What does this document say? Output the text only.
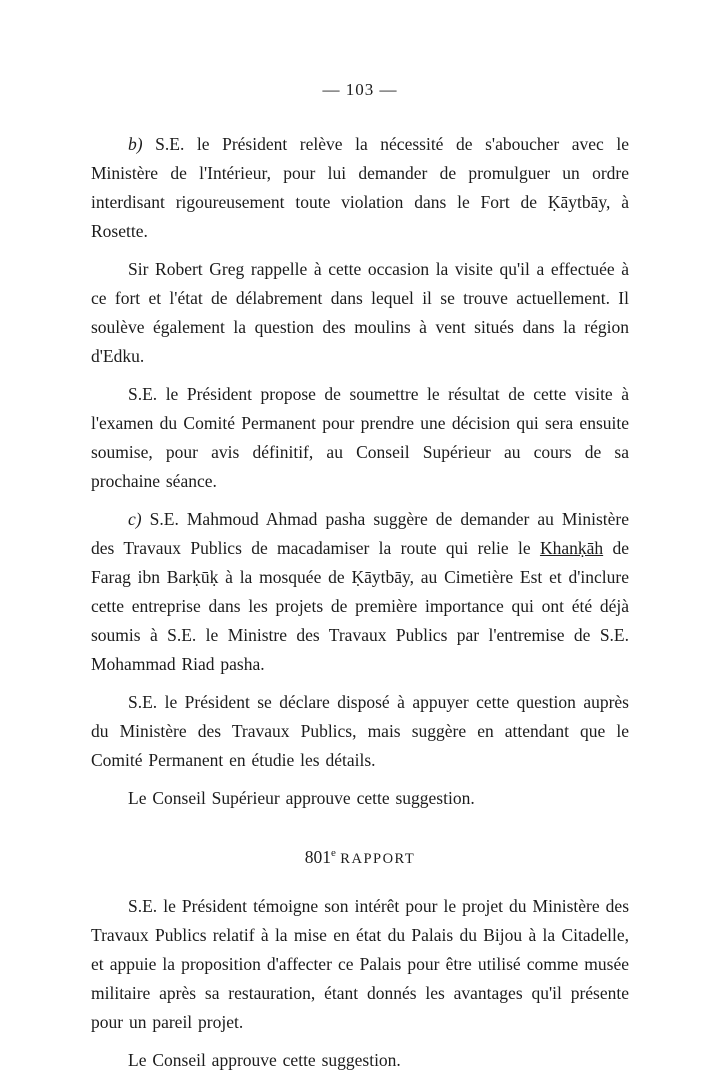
— 103 —

b) S.E. le Président relève la nécessité de s'aboucher avec le Ministère de l'Intérieur, pour lui demander de promulguer un ordre interdisant rigoureusement toute violation dans le Fort de Ḳāytbāy, à Rosette.

Sir Robert Greg rappelle à cette occasion la visite qu'il a effectuée à ce fort et l'état de délabrement dans lequel il se trouve actuellement. Il soulève également la question des moulins à vent situés dans la région d'Edku.

S.E. le Président propose de soumettre le résultat de cette visite à l'examen du Comité Permanent pour prendre une décision qui sera ensuite soumise, pour avis définitif, au Conseil Supérieur au cours de sa prochaine séance.

c) S.E. Mahmoud Ahmad pasha suggère de demander au Ministère des Travaux Publics de macadamiser la route qui relie le Khanḳāh de Farag ibn Barḳūḳ à la mosquée de Ḳāytbāy, au Cimetière Est et d'inclure cette entreprise dans les projets de première importance qui ont été déjà soumis à S.E. le Ministre des Travaux Publics par l'entremise de S.E. Mohammad Riad pasha.

S.E. le Président se déclare disposé à appuyer cette question auprès du Ministère des Travaux Publics, mais suggère en attendant que le Comité Permanent en étudie les détails.

Le Conseil Supérieur approuve cette suggestion.

801e RAPPORT

S.E. le Président témoigne son intérêt pour le projet du Ministère des Travaux Publics relatif à la mise en état du Palais du Bijou à la Citadelle, et appuie la proposition d'affecter ce Palais pour être utilisé comme musée militaire après sa restauration, étant donnés les avantages qu'il présente pour un pareil projet.

Le Conseil approuve cette suggestion.
